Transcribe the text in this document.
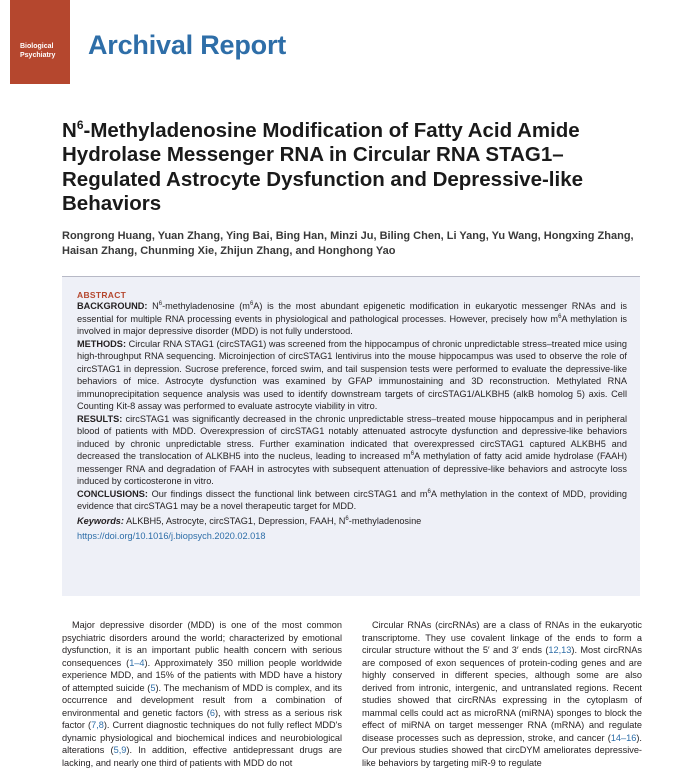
Biological
Psychiatry	Archival Report
$N^6$-Methyladenosine Modification of Fatty Acid Amide Hydrolase Messenger RNA in Circular RNA STAG1–Regulated Astrocyte Dysfunction and Depressive-like Behaviors
Rongrong Huang, Yuan Zhang, Ying Bai, Bing Han, Minzi Ju, Biling Chen, Li Yang, Yu Wang, Hongxing Zhang, Haisan Zhang, Chunming Xie, Zhijun Zhang, and Honghong Yao
ABSTRACT

BACKGROUND: $N^6$-methyladenosine $(m^6A)$ is the most abundant epigenetic modification in eukaryotic messenger RNAs and is essential for multiple RNA processing events in physiological and pathological processes. However, precisely how $m^6A$ methylation is involved in major depressive disorder (MDD) is not fully understood.

METHODS: Circular RNA STAG1 (circSTAG1) was screened from the hippocampus of chronic unpredictable stress–treated mice using high-throughput RNA sequencing. Microinjection of circSTAG1 lentivirus into the mouse hippocampus was used to observe the role of circSTAG1 in depression. Sucrose preference, forced swim, and tail suspension tests were performed to evaluate the depressive-like behaviors of mice. Astrocyte dysfunction was examined by GFAP immunostaining and 3D reconstruction. Methylated RNA immunoprecipitation sequence analysis was used to identify downstream targets of circSTAG1/ALKBH5 (alkB homolog 5) axis. Cell Counting Kit-8 assay was performed to evaluate astrocyte viability in vitro.

RESULTS: circSTAG1 was significantly decreased in the chronic unpredictable stress–treated mouse hippocampus and in peripheral blood of patients with MDD. Overexpression of circSTAG1 notably attenuated astrocyte dysfunction and depressive-like behaviors induced by chronic unpredictable stress. Further examination indicated that overexpressed circSTAG1 captured ALKBH5 and decreased the translocation of ALKBH5 into the nucleus, leading to increased $m^6A$ methylation of fatty acid amide hydrolase (FAAH) messenger RNA and degradation of FAAH in astrocytes with subsequent attenuation of depressive-like behaviors and astrocyte loss induced by corticosterone in vitro.

CONCLUSIONS: Our findings dissect the functional link between circSTAG1 and $m^6A$ methylation in the context of MDD, providing evidence that circSTAG1 may be a novel therapeutic target for MDD.

Keywords: ALKBH5, Astrocyte, circSTAG1, Depression, FAAH, $N^6$-methyladenosine

https://doi.org/10.1016/j.biopsych.2020.02.018

Major depressive disorder (MDD) is one of the most common psychiatric disorders around the world; characterized by emotional dysfunction, it is an important public health concern with serious consequences (1–4). Approximately 350 million people worldwide experience MDD, and 15% of the patients with MDD have a history of attempted suicide (5). The mechanism of MDD is complex, and its occurrence and development result from a combination of environmental and genetic factors (6), with stress as a serious risk factor (7,8). Current diagnostic techniques do not fully reflect MDD's dynamic physiological and biochemical indices and neurobiological alterations (5,9). In addition, effective antidepressant drugs are lacking, and nearly one third of patients with MDD do not

Circular RNAs (circRNAs) are a class of RNAs in the eukaryotic transcriptome. They use covalent linkage of the ends to form a circular structure without the 5′ and 3′ ends (12,13). Most circRNAs are composed of exon sequences of protein-coding genes and are highly conserved in different species, although some are also derived from intronic, intergenic, and untranslated regions. Recent studies showed that circRNAs expressing in the cytoplasm of mammal cells could act as microRNA (miRNA) sponges to block the effect of miRNA on target messenger RNA (mRNA) and regulate disease processes such as depression, stroke, and cancer (14–16). Our previous studies showed that circDYM ameliorates depressive-like behaviors by targeting miR-9 to regulate
